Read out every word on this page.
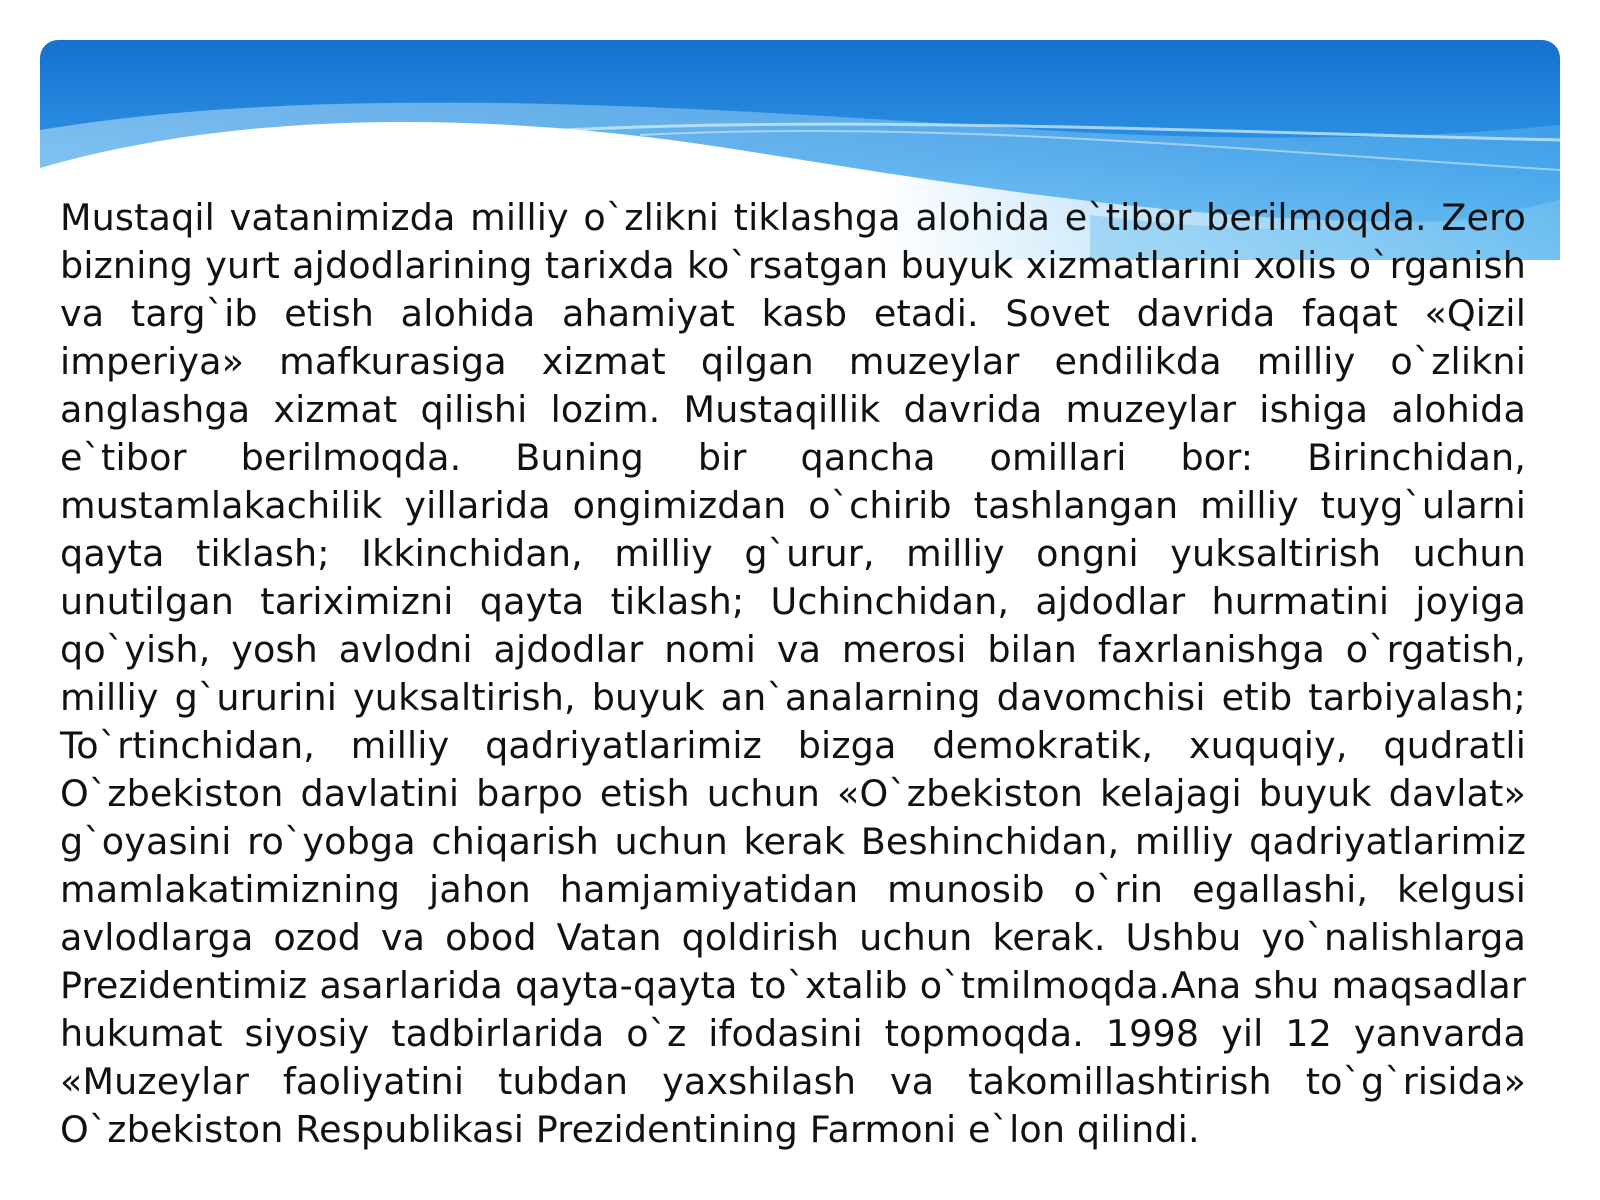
Mustaqil vatanimizda milliy o`zlikni tiklashga alohida e`tibor berilmoqda. Zero bizning yurt ajdodlarining tarixda ko`rsatgan buyuk xizmatlarini xolis o`rganish va targ`ib etish alohida ahamiyat kasb etadi. Sovet davrida faqat «Qizil imperiya» mafkurasiga xizmat qilgan muzeylar endilikda milliy o`zlikni anglashga xizmat qilishi lozim. Mustaqillik davrida muzeylar ishiga alohida e`tibor berilmoqda. Buning bir qancha omillari bor: Birinchidan, mustamlakachilik yillarida ongimizdan o`chirib tashlangan milliy tuyg`ularni qayta tiklash; Ikkinchidan, milliy g`urur, milliy ongni yuksaltirish uchun unutilgan tariximizni qayta tiklash; Uchinchidan, ajdodlar hurmatini joyiga qo`yish, yosh avlodni ajdodlar nomi va merosi bilan faxrlanishga o`rgatish, milliy g`ururini yuksaltirish, buyuk an`analarning davomchisi etib tarbiyalash; To`rtinchidan, milliy qadriyatlarimiz bizga demokratik, xuquqiy, qudratli O`zbekiston davlatini barpo etish uchun «O`zbekiston kelajagi buyuk davlat» g`oyasini ro`yobga chiqarish uchun kerak Beshinchidan, milliy qadriyatlarimiz mamlakatimizning jahon hamjamiyatidan munosib o`rin egallashi, kelgusi avlodlarga ozod va obod Vatan qoldirish uchun kerak. Ushbu yo`nalishlarga Prezidentimiz asarlarida qayta-qayta to`xtalib o`tmilmoqda.Ana shu maqsadlar hukumat siyosiy tadbirlarida o`z ifodasini topmoqda. 1998 yil 12 yanvarda «Muzeylar faoliyatini tubdan yaxshilash va takomillashtirish to`g`risida» O`zbekiston Respublikasi Prezidentining Farmoni e`lon qilindi.
